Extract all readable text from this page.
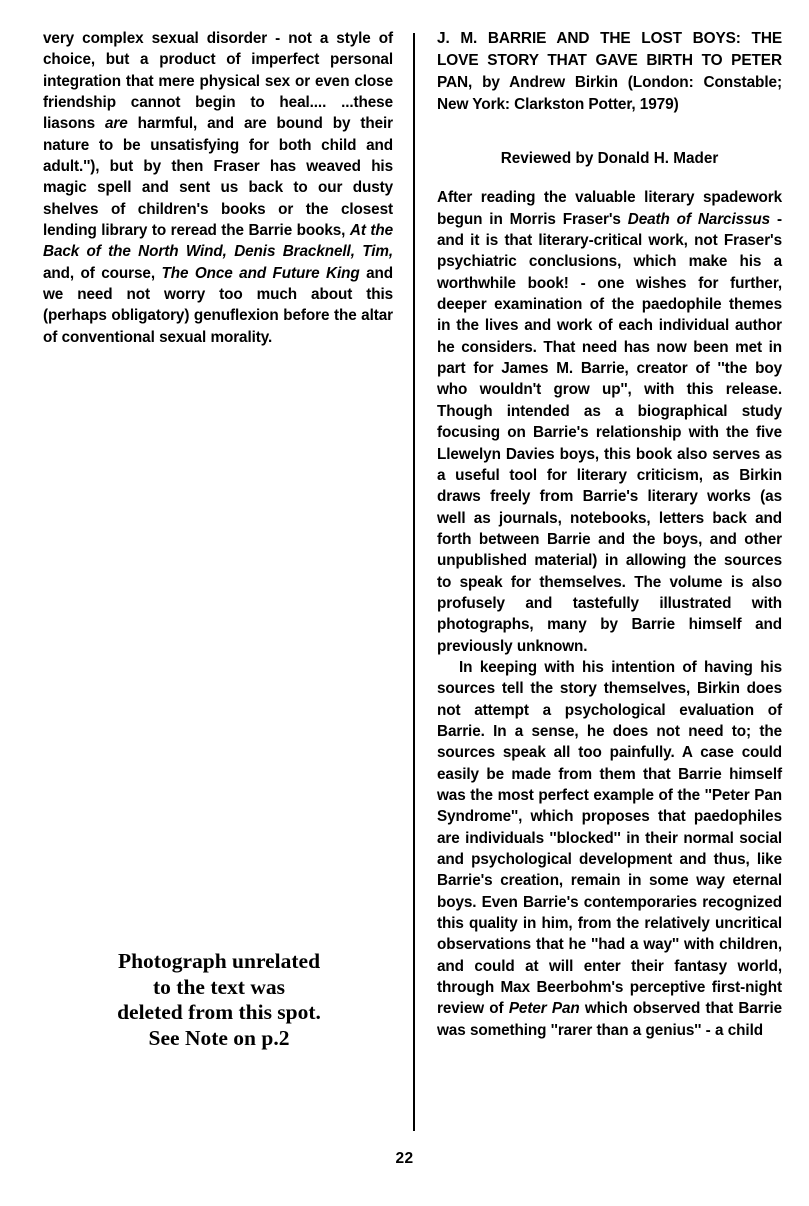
very complex sexual disorder - not a style of choice, but a product of imperfect personal integration that mere physical sex or even close friendship cannot begin to heal.... ...these liasons are harmful, and are bound by their nature to be unsatisfying for both child and adult.''), but by then Fraser has weaved his magic spell and sent us back to our dusty shelves of children's books or the closest lending library to reread the Barrie books, At the Back of the North Wind, Denis Bracknell, Tim, and, of course, The Once and Future King and we need not worry too much about this (perhaps obligatory) genuflexion before the altar of conventional sexual morality.

J. M. BARRIE AND THE LOST BOYS: THE LOVE STORY THAT GAVE BIRTH TO PETER PAN, by Andrew Birkin (London: Constable; New York: Clarkston Potter, 1979)

Reviewed by Donald H. Mader

After reading the valuable literary spadework begun in Morris Fraser's Death of Narcissus - and it is that literary-critical work, not Fraser's psychiatric conclusions, which make his a worthwhile book! - one wishes for further, deeper examination of the paedophile themes in the lives and work of each individual author he considers. That need has now been met in part for James M. Barrie, creator of ''the boy who wouldn't grow up'', with this release. Though intended as a biographical study focusing on Barrie's relationship with the five Llewelyn Davies boys, this book also serves as a useful tool for literary criticism, as Birkin draws freely from Barrie's literary works (as well as journals, notebooks, letters back and forth between Barrie and the boys, and other unpublished material) in allowing the sources to speak for themselves. The volume is also profusely and tastefully illustrated with photographs, many by Barrie himself and previously unknown.

In keeping with his intention of having his sources tell the story themselves, Birkin does not attempt a psychological evaluation of Barrie. In a sense, he does not need to; the sources speak all too painfully. A case could easily be made from them that Barrie himself was the most perfect example of the ''Peter Pan Syndrome'', which proposes that paedophiles are individuals ''blocked'' in their normal social and psychological development and thus, like Barrie's creation, remain in some way eternal boys. Even Barrie's contemporaries recognized this quality in him, from the relatively uncritical observations that he ''had a way'' with children, and could at will enter their fantasy world, through Max Beerbohm's perceptive first-night review of Peter Pan which observed that Barrie was something ''rarer than a genius'' - a child

Photograph unrelated
to the text was
deleted from this spot.
See Note on p.2
22
